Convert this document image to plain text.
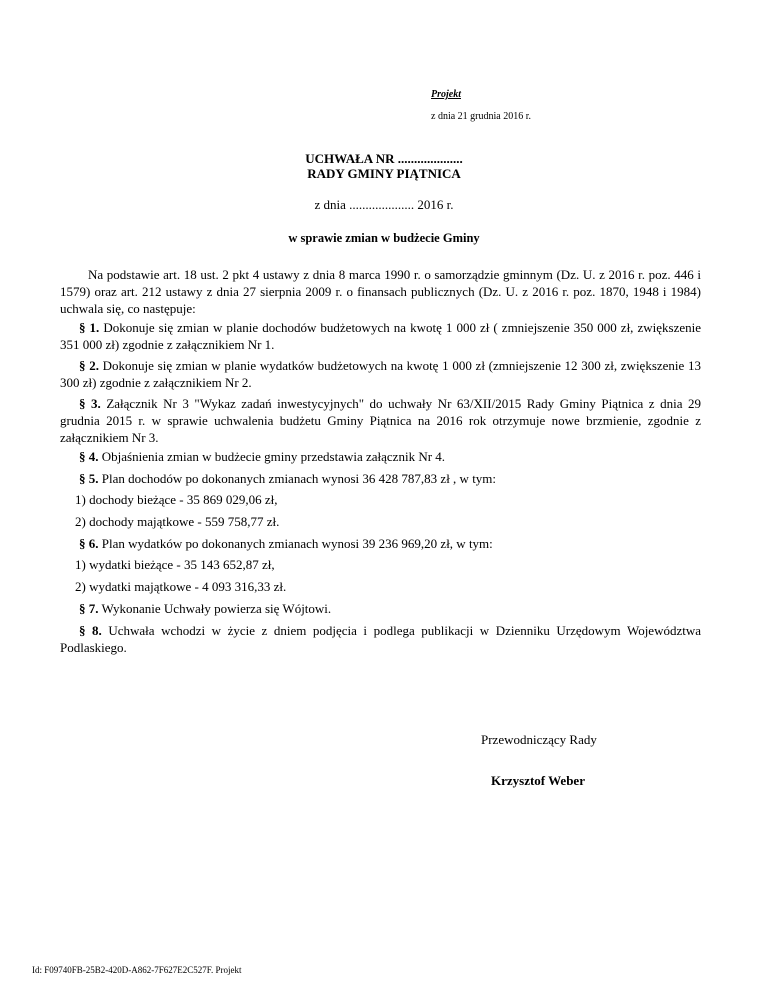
Projekt
z dnia 21 grudnia 2016 r.
UCHWAŁA NR ....................
RADY GMINY PIĄTNICA
z dnia .................... 2016 r.
w sprawie zmian w budżecie Gminy
Na podstawie art. 18 ust. 2 pkt 4 ustawy z dnia 8 marca 1990 r. o samorządzie gminnym (Dz. U. z 2016 r. poz. 446 i 1579) oraz art. 212 ustawy z dnia 27 sierpnia 2009 r. o finansach publicznych (Dz. U. z 2016 r. poz. 1870, 1948 i 1984) uchwala się, co następuje:
§ 1. Dokonuje się zmian w planie dochodów budżetowych na kwotę 1 000 zł ( zmniejszenie 350 000 zł, zwiększenie 351 000 zł) zgodnie z załącznikiem Nr 1.
§ 2. Dokonuje się zmian w planie wydatków budżetowych na kwotę 1 000 zł (zmniejszenie 12 300 zł, zwiększenie 13 300 zł) zgodnie z załącznikiem Nr 2.
§ 3. Załącznik Nr 3 "Wykaz zadań inwestycyjnych" do uchwały Nr 63/XII/2015 Rady Gminy Piątnica z dnia 29 grudnia 2015 r. w sprawie uchwalenia budżetu Gminy Piątnica na 2016 rok otrzymuje nowe brzmienie, zgodnie z załącznikiem Nr 3.
§ 4. Objaśnienia zmian w budżecie gminy przedstawia załącznik Nr 4.
§ 5. Plan dochodów po dokonanych zmianach wynosi 36 428 787,83 zł , w tym:
1) dochody bieżące - 35 869 029,06 zł,
2) dochody majątkowe - 559 758,77 zł.
§ 6. Plan wydatków po dokonanych zmianach wynosi 39 236 969,20 zł, w tym:
1) wydatki bieżące - 35 143 652,87 zł,
2) wydatki majątkowe - 4 093 316,33 zł.
§ 7. Wykonanie Uchwały powierza się Wójtowi.
§ 8. Uchwała wchodzi w życie z dniem podjęcia i podlega publikacji w Dzienniku Urzędowym Województwa Podlaskiego.
Przewodniczący Rady
Krzysztof Weber
Id: F09740FB-25B2-420D-A862-7F627E2C527F. Projekt
